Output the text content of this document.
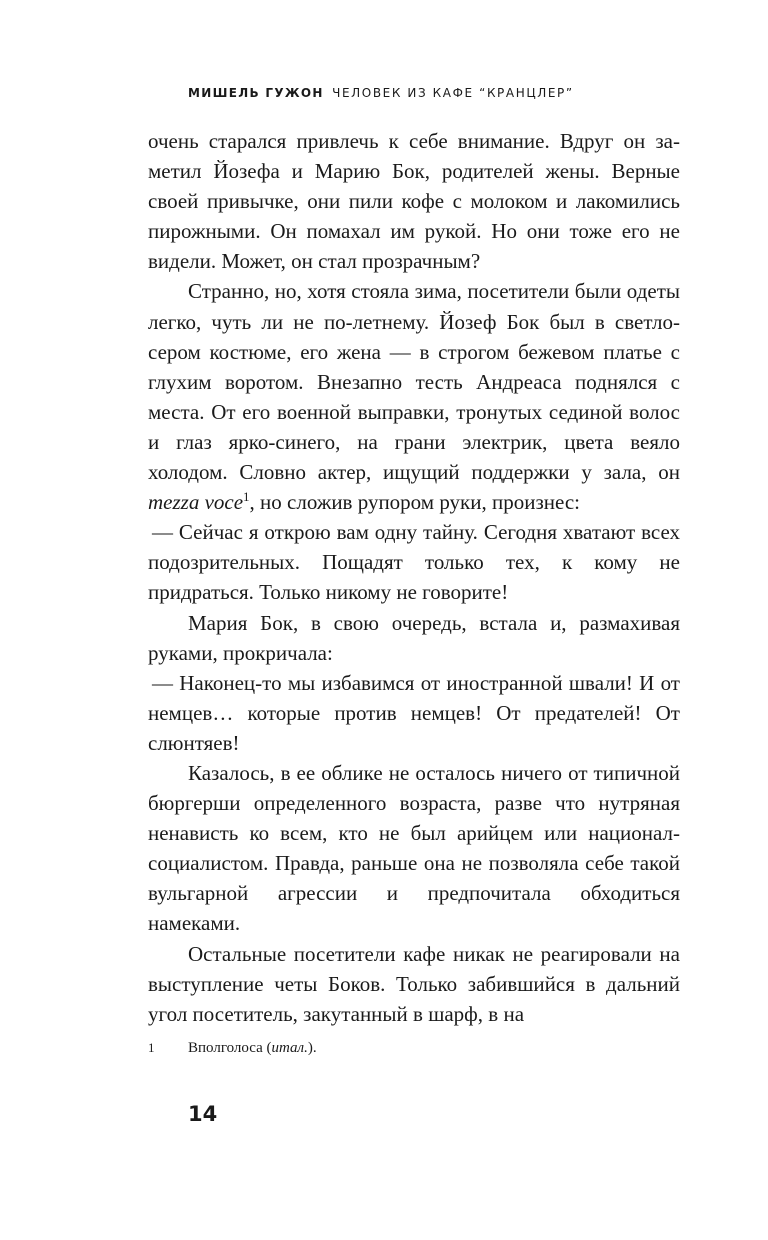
МИШЕЛЬ ГУЖОН ЧЕЛОВЕК ИЗ КАФЕ “КРАНЦЛЕР”

очень старался привлечь к себе внимание. Вдруг он заметил Йозефа и Марию Бок, родителей жены. Верные своей привычке, они пили кофе с молоком и лакомились пирожными. Он помахал им рукой. Но они тоже его не видели. Может, он стал прозрачным?

Странно, но, хотя стояла зима, посетители были одеты легко, чуть ли не по-летнему. Йозеф Бок был в светло-сером костюме, его жена — в строгом бежевом платье с глухим воротом. Внезапно тесть Андреаса поднялся с места. От его военной выправки, тронутых сединой волос и глаз ярко-синего, на грани электрик, цвета веяло холодом. Словно актер, ищущий поддержки у зала, он mezza voce$^1$, но сложив рупором руки, произнес:

— Сейчас я открою вам одну тайну. Сегодня хватают всех подозрительных. Пощадят только тех, к кому не придраться. Только никому не говорите!

Мария Бок, в свою очередь, встала и, размахивая руками, прокричала:

— Наконец-то мы избавимся от иностранной швали! И от немцев… которые против немцев! От предателей! От слюнтяев!

Казалось, в ее облике не осталось ничего от типичной бюргерши определенного возраста, разве что нутряная ненависть ко всем, кто не был арийцем или национал-социалистом. Правда, раньше она не позволяла себе такой вульгарной агрессии и предпочитала обходиться намеками.

Остальные посетители кафе никак не реагировали на выступление четы Боков. Только забившийся в дальний угол посетитель, закутанный в шарф, в на

1 Вполголоса (итал.).
14
